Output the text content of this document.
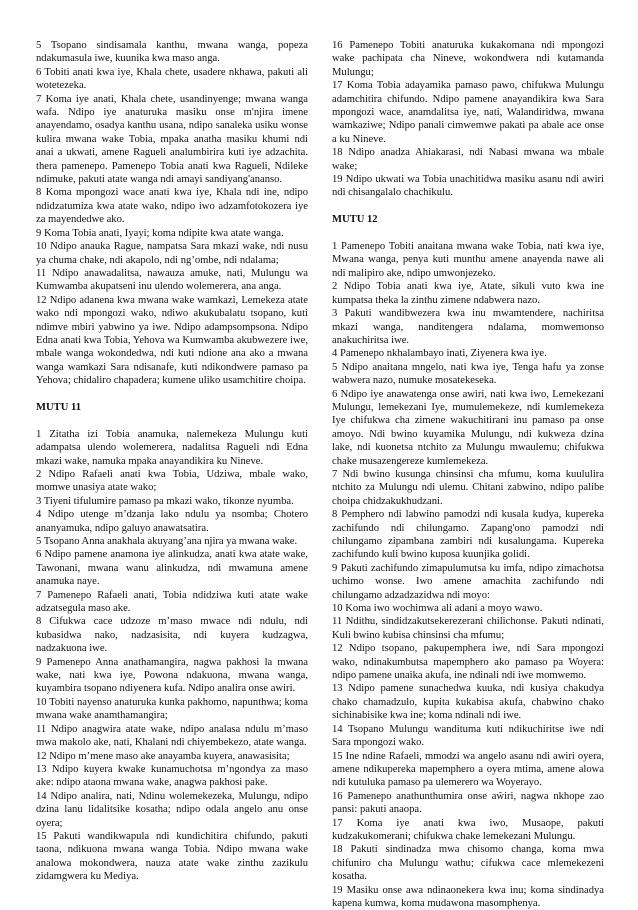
5 Tsopano sindisamala kanthu, mwana wanga, popeza ndakumasula iwe, kuunika kwa maso anga.

6 Tobiti anati kwa iye, Khala chete, usadere nkhawa, pakuti ali wotetezeka.

7 Koma iye anati, Khala chete, usandinyenge; mwana wanga wafa. Ndipo iye anaturuka masiku onse m'njira imene anayendamo, osadya kanthu usana, ndipo sanaleka usiku wonse kulira mwana wake Tobia, mpaka anatha masiku khumi ndi anai a ukwati, amene Ragueli analumbirira kuti iye adzachita. thera pamenepo. Pamenepo Tobia anati kwa Ragueli, Ndileke ndimuke, pakuti atate wanga ndi amayi sandiyang'ananso.

8 Koma mpongozi wace anati kwa iye, Khala ndi ine, ndipo ndidzatumiza kwa atate wako, ndipo iwo adzamfotokozera iye za mayendedwe ako.

9 Koma Tobia anati, Iyayi; koma ndipite kwa atate wanga.

10 Ndipo anauka Rague, nampatsa Sara mkazi wake, ndi nusu ya chuma chake, ndi akapolo, ndi ng’ombe, ndi ndalama;

11 Ndipo anawadalitsa, nawauza amuke, nati, Mulungu wa Kumwamba akupatseni inu ulendo wolemerera, ana anga.

12 Ndipo adanena kwa mwana wake wamkazi, Lemekeza atate wako ndi mpongozi wako, ndiwo akukubalatu tsopano, kuti ndimve mbiri yabwino ya iwe. Ndipo adampsompsona. Ndipo Edna anati kwa Tobia, Yehova wa Kumwamba akubwezere iwe, mbale wanga wokondedwa, ndi kuti ndione ana ako a mwana wanga wamkazi Sara ndisanafe, kuti ndikondwere pamaso pa Yehova; chidaliro chapadera; kumene uliko usamchitire choipa.

MUTU 11

1 Zitatha izi Tobia anamuka, nalemekeza Mulungu kuti adampatsa ulendo wolemerera, nadalitsa Ragueli ndi Edna mkazi wake, namuka mpaka anayandikira ku Nineve.

2 Ndipo Rafaeli anati kwa Tobia, Udziwa, mbale wako, momwe unasiya atate wako;

3 Tiyeni tifulumire pamaso pa mkazi wako, tikonze nyumba.

4 Ndipo utenge m’dzanja lako ndulu ya nsomba; Chotero ananyamuka, ndipo galuyo anawatsatira.

5 Tsopano Anna anakhala akuyang’ana njira ya mwana wake.

6 Ndipo pamene anamona iye alinkudza, anati kwa atate wake, Tawonani, mwana wanu alinkudza, ndi mwamuna amene anamuka naye.

7 Pamenepo Rafaeli anati, Tobia ndidziwa kuti atate wake adzatsegula maso ake.

8 Cifukwa cace udzoze m’maso mwace ndi ndulu, ndi kubasidwa nako, nadzasisita, ndi kuyera kudzagwa, nadzakuona iwe.

9 Pamenepo Anna anathamangira, nagwa pakhosi la mwana wake, nati kwa iye, Powona ndakuona, mwana wanga, kuyambira tsopano ndiyenera kufa. Ndipo analira onse awiri.

10 Tobiti nayenso anaturuka kunka pakhomo, napunthwa; koma mwana wake anamthamangira;

11 Ndipo anagwira atate wake, ndipo analasa ndulu m’maso mwa makolo ake, nati, Khalani ndi chiyembekezo, atate wanga.

12 Ndipo m’mene maso ake anayamba kuyera, anawasisita;

13 Ndipo kuyera kwake kunamuchotsa m’ngondya za maso ake: ndipo ataona mwana wake, anagwa pakhosi pake.

14 Ndipo analira, nati, Ndinu wolemekezeka, Mulungu, ndipo dzina lanu lidalitsike kosatha; ndipo odala angelo anu onse oyera;

15 Pakuti wandikwapula ndi kundichitira chifundo, pakuti taona, ndikuona mwana wanga Tobia. Ndipo mwana wake analowa mokondwera, nauza atate wake zinthu zazikulu zidamgwera ku Mediya.

16 Pamenepo Tobiti anaturuka kukakomana ndi mpongozi wake pachipata cha Nineve, wokondwera ndi kutamanda Mulungu;

17 Koma Tobia adayamika pamaso pawo, chifukwa Mulungu adamchitira chifundo. Ndipo pamene anayandikira kwa Sara mpongozi wace, anamdalitsa iye, nati, Walandiridwa, mwana wamkaziwe; Ndipo panali cimwemwe pakati pa abale ace onse a ku Nineve.

18 Ndipo anadza Ahiakarasi, ndi Nabasi mwana wa mbale wake;

19 Ndipo ukwati wa Tobia unachitidwa masiku asanu ndi awiri ndi chisangalalo chachikulu.

MUTU 12

1 Pamenepo Tobiti anaitana mwana wake Tobia, nati kwa iye, Mwana wanga, penya kuti munthu amene anayenda nawe ali ndi malipiro ake, ndipo umwonjezeko.

2 Ndipo Tobia anati kwa iye, Atate, sikuli vuto kwa ine kumpatsa theka la zinthu zimene ndabwera nazo.

3 Pakuti wandibwezera kwa inu mwamtendere, nachiritsa mkazi wanga, nanditengera ndalama, momwemonso anakuchiritsa iwe.

4 Pamenepo nkhalambayo inati, Ziyenera kwa iye.

5 Ndipo anaitana mngelo, nati kwa iye, Tenga hafu ya zonse wabwera nazo, numuke mosatekeseka.

6 Ndipo iye anawatenga onse awiri, nati kwa iwo, Lemekezani Mulungu, lemekezani Iye, mumulemekeze, ndi kumlemekeza Iye chifukwa cha zimene wakuchitirani inu pamaso pa onse amoyo. Ndi bwino kuyamika Mulungu, ndi kukweza dzina lake, ndi kuonetsa ntchito za Mulungu mwaulemu; chifukwa chake musazengereze kumlemekeza.

7 Ndi bwino kusunga chinsinsi cha mfumu, koma kuululira ntchito za Mulungu ndi ulemu. Chitani zabwino, ndipo palibe choipa chidzakukhudzani.

8 Pemphero ndi labwino pamodzi ndi kusala kudya, kupereka zachifundo ndi chilungamo. Zapang'ono pamodzi ndi chilungamo zipambana zambiri ndi kusalungama. Kupereka zachifundo kuli bwino kuposa kuunjika golidi.

9 Pakuti zachifundo zimapulumutsa ku imfa, ndipo zimachotsa uchimo wonse. Iwo amene amachita zachifundo ndi chilungamo adzadzazidwa ndi moyo:

10 Koma iwo wochimwa ali adani a moyo wawo.

11 Ndithu, sindidzakutsekerezerani chilichonse. Pakuti ndinati, Kuli bwino kubisa chinsinsi cha mfumu;

12 Ndipo tsopano, pakupemphera iwe, ndi Sara mpongozi wako, ndinakumbutsa mapemphero ako pamaso pa Woyera: ndipo pamene unaika akufa, ine ndinali ndi iwe momwemo.

13 Ndipo pamene sunachedwa kuuka, ndi kusiya chakudya chako chamadzulo, kupita kukabisa akufa, chabwino chako sichinabisike kwa ine; koma ndinali ndi iwe.

14 Tsopano Mulungu wanditumа kuti ndikuchiritse iwe ndi Sara mpongozi wako.

15 Ine ndine Rafaeli, mmodzi wa angelo asanu ndi awiri oyera, amene ndikupereka mapemphero a oyera mtima, amene alowa ndi kutuluka pamaso pa ulemerero wa Woyerayo.

16 Pamenepo anathunthumira onse aŵiri, nagwa nkhope zao pansi: pakuti anaopa.

17 Koma iye anati kwa iwo, Musaope, pakuti kudzakukomerani; chifukwa chake lemekezani Mulungu.

18 Pakuti sindinadza mwa chisomo changa, koma mwa chifuniro cha Mulungu wathu; cifukwa cace mlemekezeni kosatha.

19 Masiku onse awa ndinaonekera kwa inu; koma sindinadya kapena kumwa, koma mudawona masomphenya.
